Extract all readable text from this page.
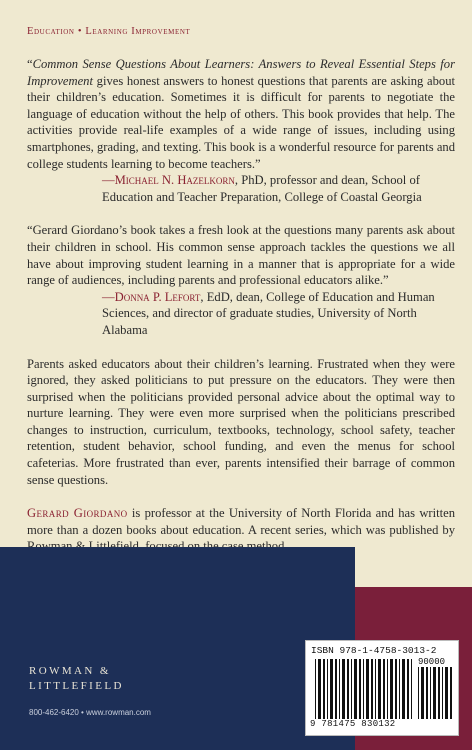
Education • Learning Improvement

“Common Sense Questions About Learners: Answers to Reveal Essential Steps for Improvement gives honest answers to honest questions that parents are asking about their children’s education. Sometimes it is difficult for parents to negotiate the language of education without the help of others. This book provides that help. The activities provide real-life examples of a wide range of issues, including using smartphones, grading, and texting. This book is a wonderful resource for parents and college students learning to become teachers.”

—Michael N. Hazelkorn, PhD, professor and dean, School of Education and Teacher Preparation, College of Coastal Georgia

“Gerard Giordano’s book takes a fresh look at the questions many parents ask about their children in school. His common sense approach tackles the questions we all have about improving student learning in a manner that is appropriate for a wide range of audiences, including parents and professional educators alike.”

—Donna P. Lefort, EdD, dean, College of Education and Human Sciences, and director of graduate studies, University of North Alabama

Parents asked educators about their children’s learning. Frustrated when they were ignored, they asked politicians to put pressure on the educators. They were then surprised when the politicians provided personal advice about the optimal way to nurture learning. They were even more surprised when the politicians prescribed changes to instruction, curriculum, textbooks, technology, school safety, teacher retention, student behavior, school funding, and even the menus for school cafeterias. More frustrated than ever, parents intensified their barrage of common sense questions.

Gerard Giordano is professor at the University of North Florida and has written more than a dozen books about education. A recent series, which was published by

ROWMAN &
LITTLEFIELD
800-462-6420 • www.rowman.com
ISBN 978-1-4758-3013-2
90000
9 781475 830132
